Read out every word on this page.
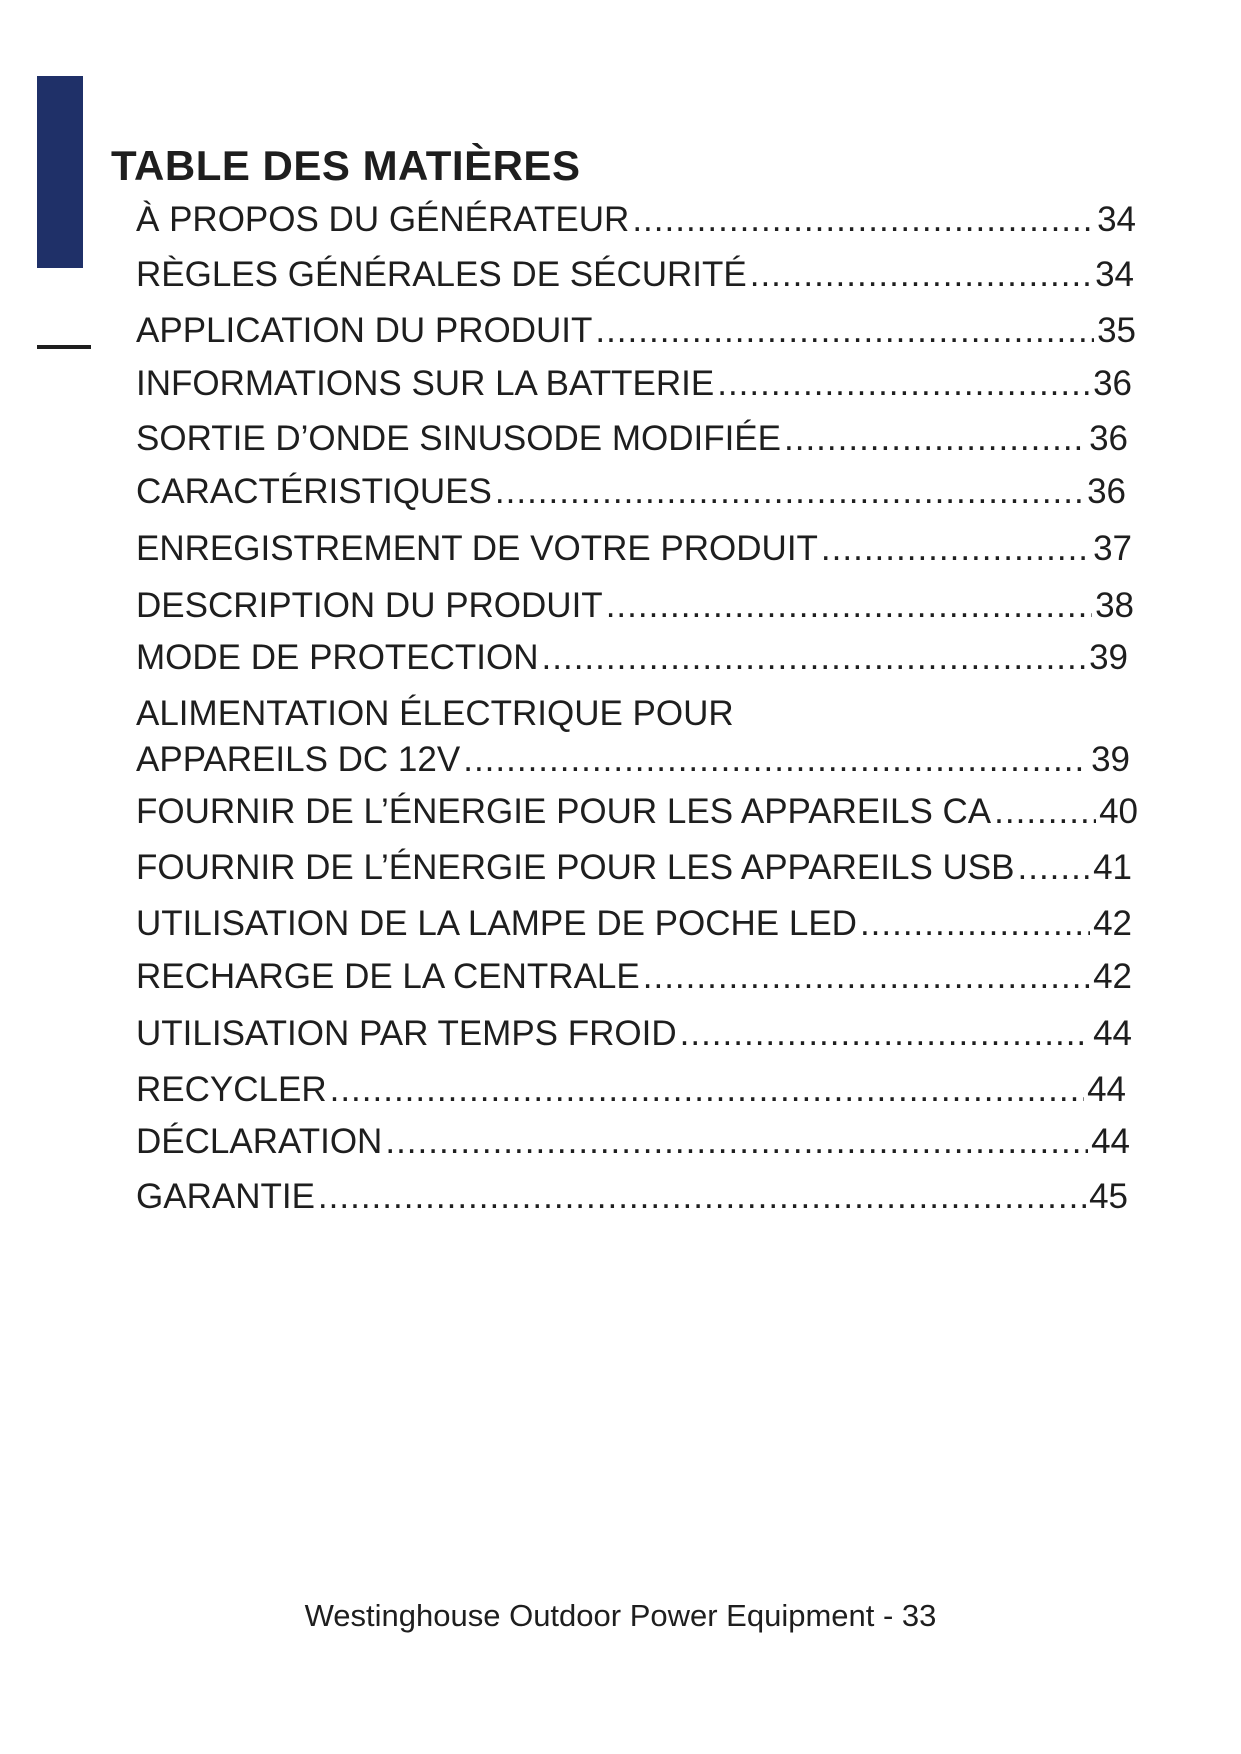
TABLE DES MATIÈRES
À PROPOS DU GÉNÉRATEUR .....	34
RÈGLES GÉNÉRALES DE SÉCURITÉ .....	34
APPLICATION DU PRODUIT .....	35
INFORMATIONS SUR LA BATTERIE .....	36
SORTIE D’ONDE SINUSODE MODIFIÉE .....	36
CARACTÉRISTIQUES .....	36
ENREGISTREMENT DE VOTRE PRODUIT .....	37
DESCRIPTION DU PRODUIT .....	38
MODE DE PROTECTION .....	39
ALIMENTATION ÉLECTRIQUE POUR
APPAREILS DC 12V .....	39
FOURNIR DE L’ÉNERGIE POUR LES APPAREILS CA .....	40
FOURNIR DE L’ÉNERGIE POUR LES APPAREILS USB ..... 41
UTILISATION DE LA LAMPE DE POCHE LED .....	42
RECHARGE DE LA CENTRALE .....	42
UTILISATION PAR TEMPS FROID .....	44
RECYCLER .....	44
DÉCLARATION .....	44
GARANTIE .....	45
Westinghouse Outdoor Power Equipment - 33
